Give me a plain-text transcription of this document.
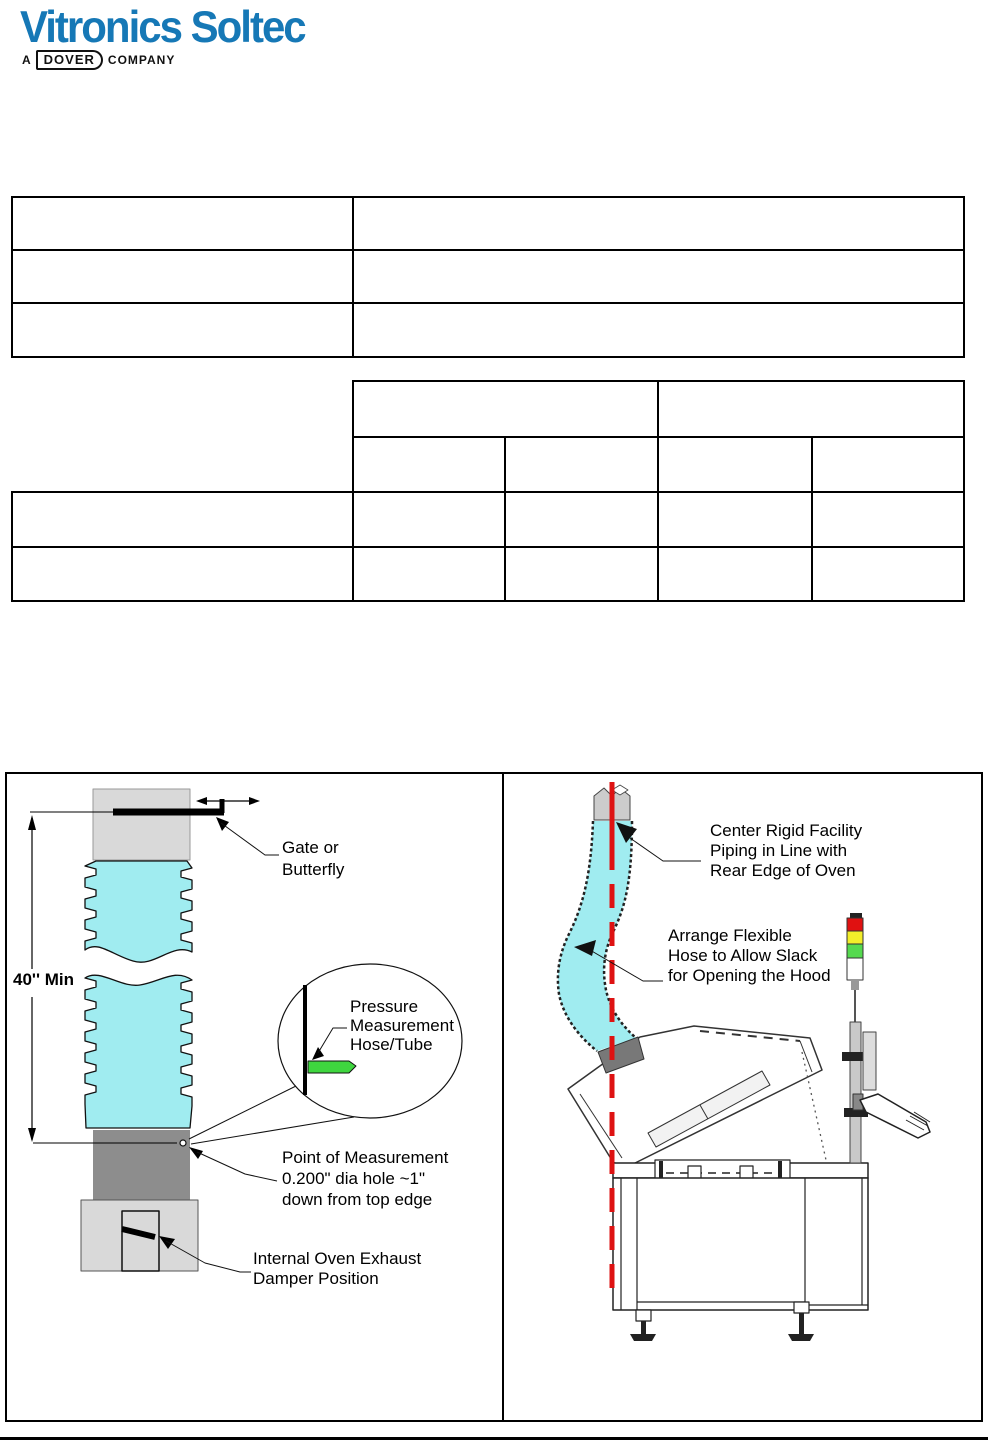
Vitronics Soltec
A	DOVER	COMPANY
40'' Min
Pressure
Measurement
Hose/Tube
Gate or
Butterfly
Point of Measurement
0.200" dia hole ~1"
down from top edge
Internal Oven Exhaust
Damper Position
Center Rigid Facility
Piping in Line with
Rear Edge of Oven
Arrange Flexible
Hose to Allow Slack
for Opening the Hood
